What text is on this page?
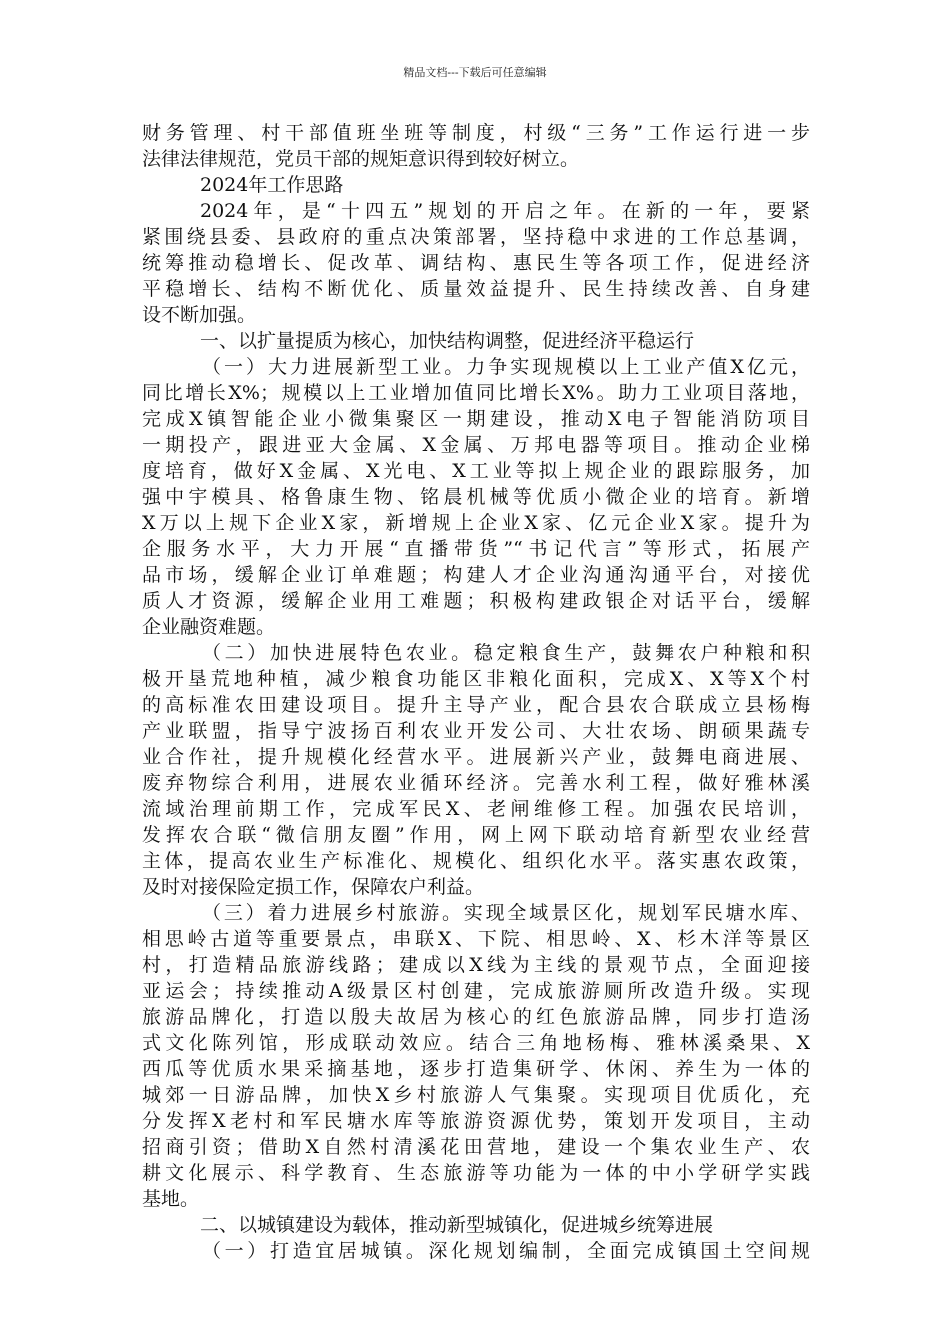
精品文档---下载后可任意编辑
财务管理、村干部值班坐班等制度，村级“三务”工作运行进一步
法律法律规范，党员干部的规矩意识得到较好树立。
2024年工作思路
2024年，是“十四五”规划的开启之年。在新的一年，要紧
紧围绕县委、县政府的重点决策部署，坚持稳中求进的工作总基调，
统筹推动稳增长、促改革、调结构、惠民生等各项工作，促进经济
平稳增长、结构不断优化、质量效益提升、民生持续改善、自身建
设不断加强。
一、以扩量提质为核心，加快结构调整，促进经济平稳运行
（一）大力进展新型工业。力争实现规模以上工业产值X亿元，
同比增长X%；规模以上工业增加值同比增长X%。助力工业项目落地，
完成X镇智能企业小微集聚区一期建设，推动X电子智能消防项目
一期投产，跟进亚大金属、X金属、万邦电器等项目。推动企业梯
度培育，做好X金属、X光电、X工业等拟上规企业的跟踪服务，加
强中宇模具、格鲁康生物、铭晨机械等优质小微企业的培育。新增
X万以上规下企业X家，新增规上企业X家、亿元企业X家。提升为
企服务水平，大力开展“直播带货”“书记代言”等形式，拓展产
品市场，缓解企业订单难题；构建人才企业沟通沟通平台，对接优
质人才资源，缓解企业用工难题；积极构建政银企对话平台，缓解
企业融资难题。
（二）加快进展特色农业。稳定粮食生产，鼓舞农户种粮和积
极开垦荒地种植，减少粮食功能区非粮化面积，完成X、X等X个村
的高标准农田建设项目。提升主导产业，配合县农合联成立县杨梅
产业联盟，指导宁波扬百利农业开发公司、大壮农场、朗硕果蔬专
业合作社，提升规模化经营水平。进展新兴产业，鼓舞电商进展、
废弃物综合利用，进展农业循环经济。完善水利工程，做好雅林溪
流域治理前期工作，完成军民X、老闸维修工程。加强农民培训，
发挥农合联“微信朋友圈”作用，网上网下联动培育新型农业经营
主体，提高农业生产标准化、规模化、组织化水平。落实惠农政策，
及时对接保险定损工作，保障农户利益。
（三）着力进展乡村旅游。实现全域景区化，规划军民塘水库、
相思岭古道等重要景点，串联X、下院、相思岭、X、杉木洋等景区
村，打造精品旅游线路；建成以X线为主线的景观节点，全面迎接
亚运会；持续推动A级景区村创建，完成旅游厕所改造升级。实现
旅游品牌化，打造以殷夫故居为核心的红色旅游品牌，同步打造汤
式文化陈列馆，形成联动效应。结合三角地杨梅、雅林溪桑果、X
西瓜等优质水果采摘基地，逐步打造集研学、休闲、养生为一体的
城郊一日游品牌，加快X乡村旅游人气集聚。实现项目优质化，充
分发挥X老村和军民塘水库等旅游资源优势，策划开发项目，主动
招商引资；借助X自然村清溪花田营地，建设一个集农业生产、农
耕文化展示、科学教育、生态旅游等功能为一体的中小学研学实践
基地。
二、以城镇建设为载体，推动新型城镇化，促进城乡统筹进展
（一）打造宜居城镇。深化规划编制，全面完成镇国土空间规
